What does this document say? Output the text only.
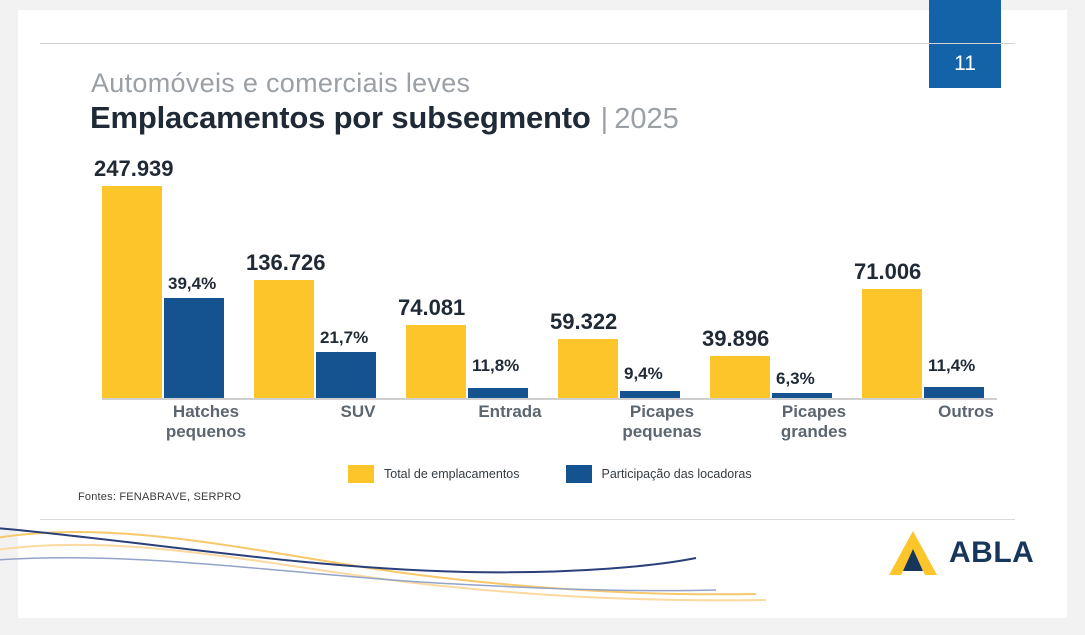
11
Automóveis e comerciais leves
Emplacamentos por subsegmento | 2025
247.939
39,4%
136.726
21,7%
74.081
11,8%
59.322
9,4%
39.896
6,3%
71.006
11,4%
Hatches
pequenos
SUV	Entrada	Picapes
pequenas
Picapes
grandes
Outros
Total de emplacamentos	Participação das locadoras
Fontes: FENABRAVE, SERPRO
ABLA
